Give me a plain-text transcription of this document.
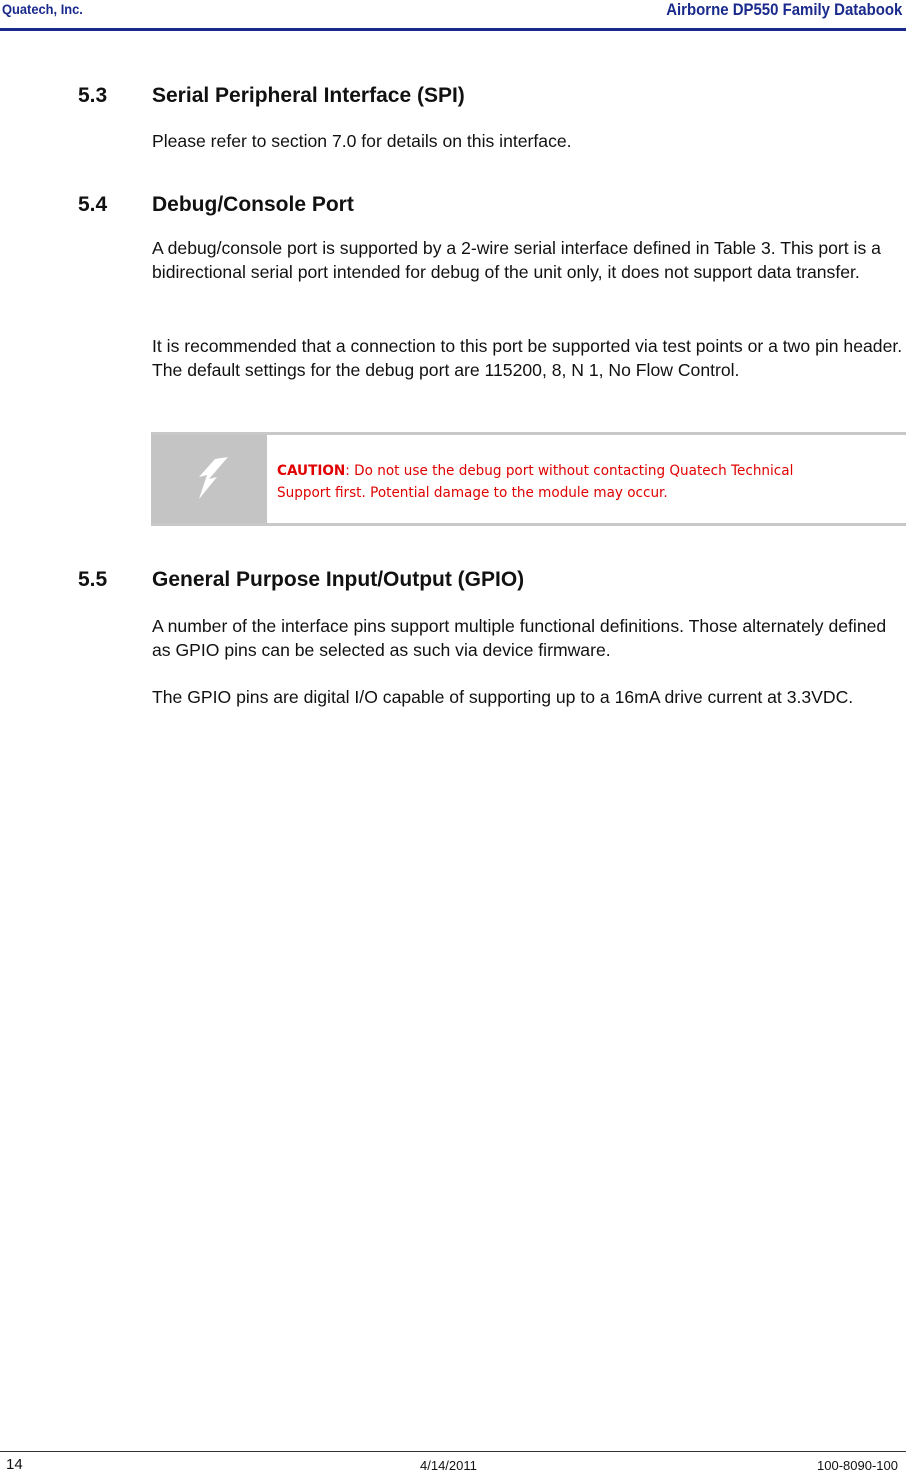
Quatech, Inc.	Airborne DP550 Family Databook
5.3 Serial Peripheral Interface (SPI)
Please refer to section 7.0 for details on this interface.
5.4 Debug/Console Port
A debug/console port is supported by a 2-wire serial interface defined in Table 3. This port is a bidirectional serial port intended for debug of the unit only, it does not support data transfer.
It is recommended that a connection to this port be supported via test points or a two pin header. The default settings for the debug port are 115200, 8, N 1, No Flow Control.
CAUTION: Do not use the debug port without contacting Quatech Technical Support first. Potential damage to the module may occur.
5.5 General Purpose Input/Output (GPIO)
A number of the interface pins support multiple functional definitions. Those alternately defined as GPIO pins can be selected as such via device firmware.
The GPIO pins are digital I/O capable of supporting up to a 16mA drive current at 3.3VDC.
14	4/14/2011	100-8090-100
